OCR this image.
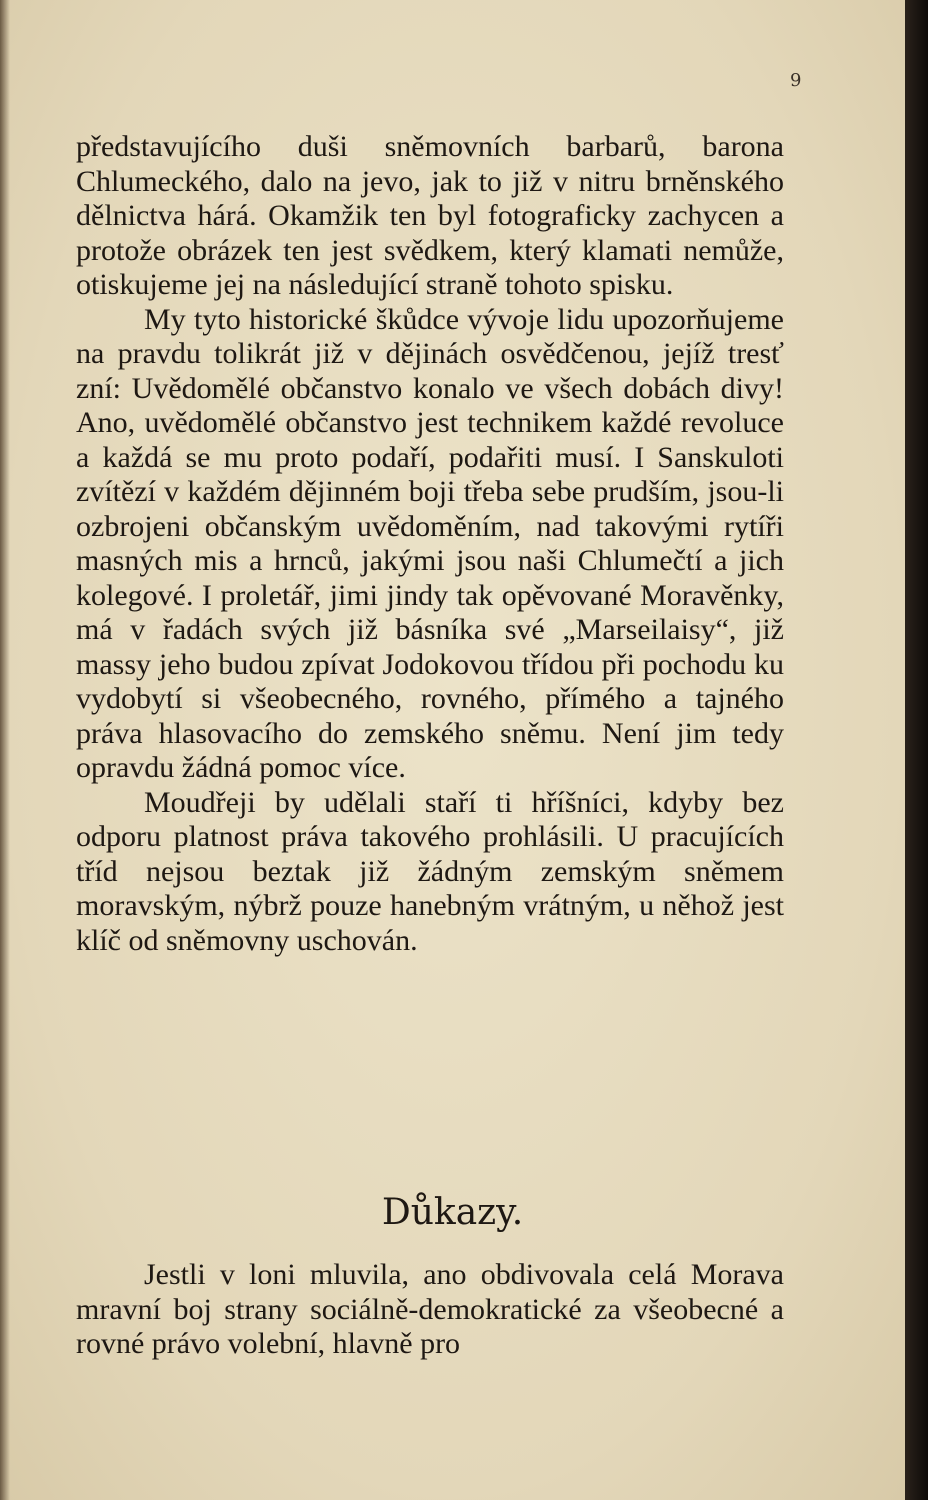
9

představujícího duši sněmovních barbarů, barona Chlumeckého, dalo na jevo, jak to již v nitru brněnského dělnictva hárá. Okamžik ten byl fotograficky zachycen a protože obrázek ten jest svědkem, který klamati nemůže, otiskujeme jej na následující straně tohoto spisku.

My tyto historické škůdce vývoje lidu upozorňujeme na pravdu tolikrát již v dějinách osvědčenou, jejíž tresť zní: Uvědomělé občanstvo konalo ve všech dobách divy! Ano, uvědomělé občanstvo jest technikem každé revoluce a každá se mu proto podaří, podařiti musí. I Sanskuloti zvítězí v každém dějinném boji třeba sebe prudším, jsou-li ozbrojeni občanským uvědoměním, nad takovými rytíři masných mis a hrnců, jakými jsou naši Chlumečtí a jich kolegové. I proletář, jimi jindy tak opěvované Moravěnky, má v řadách svých již básníka své „Marseilaisy“, již massy jeho budou zpívat Jodokovou třídou při pochodu ku vydobytí si všeobecného, rovného, přímého a tajného práva hlasovacího do zemského sněmu. Není jim tedy opravdu žádná pomoc více.

Moudřeji by udělali staří ti hříšníci, kdyby bez odporu platnost práva takového prohlásili. U pracujících tříd nejsou beztak již žádným zemským sněmem moravským, nýbrž pouze hanebným vrátným, u něhož jest klíč od sněmovny uschován.

Důkazy.

Jestli v loni mluvila, ano obdivovala celá Morava mravní boj strany sociálně-demokratické za všeobecné a rovné právo volební, hlavně pro
